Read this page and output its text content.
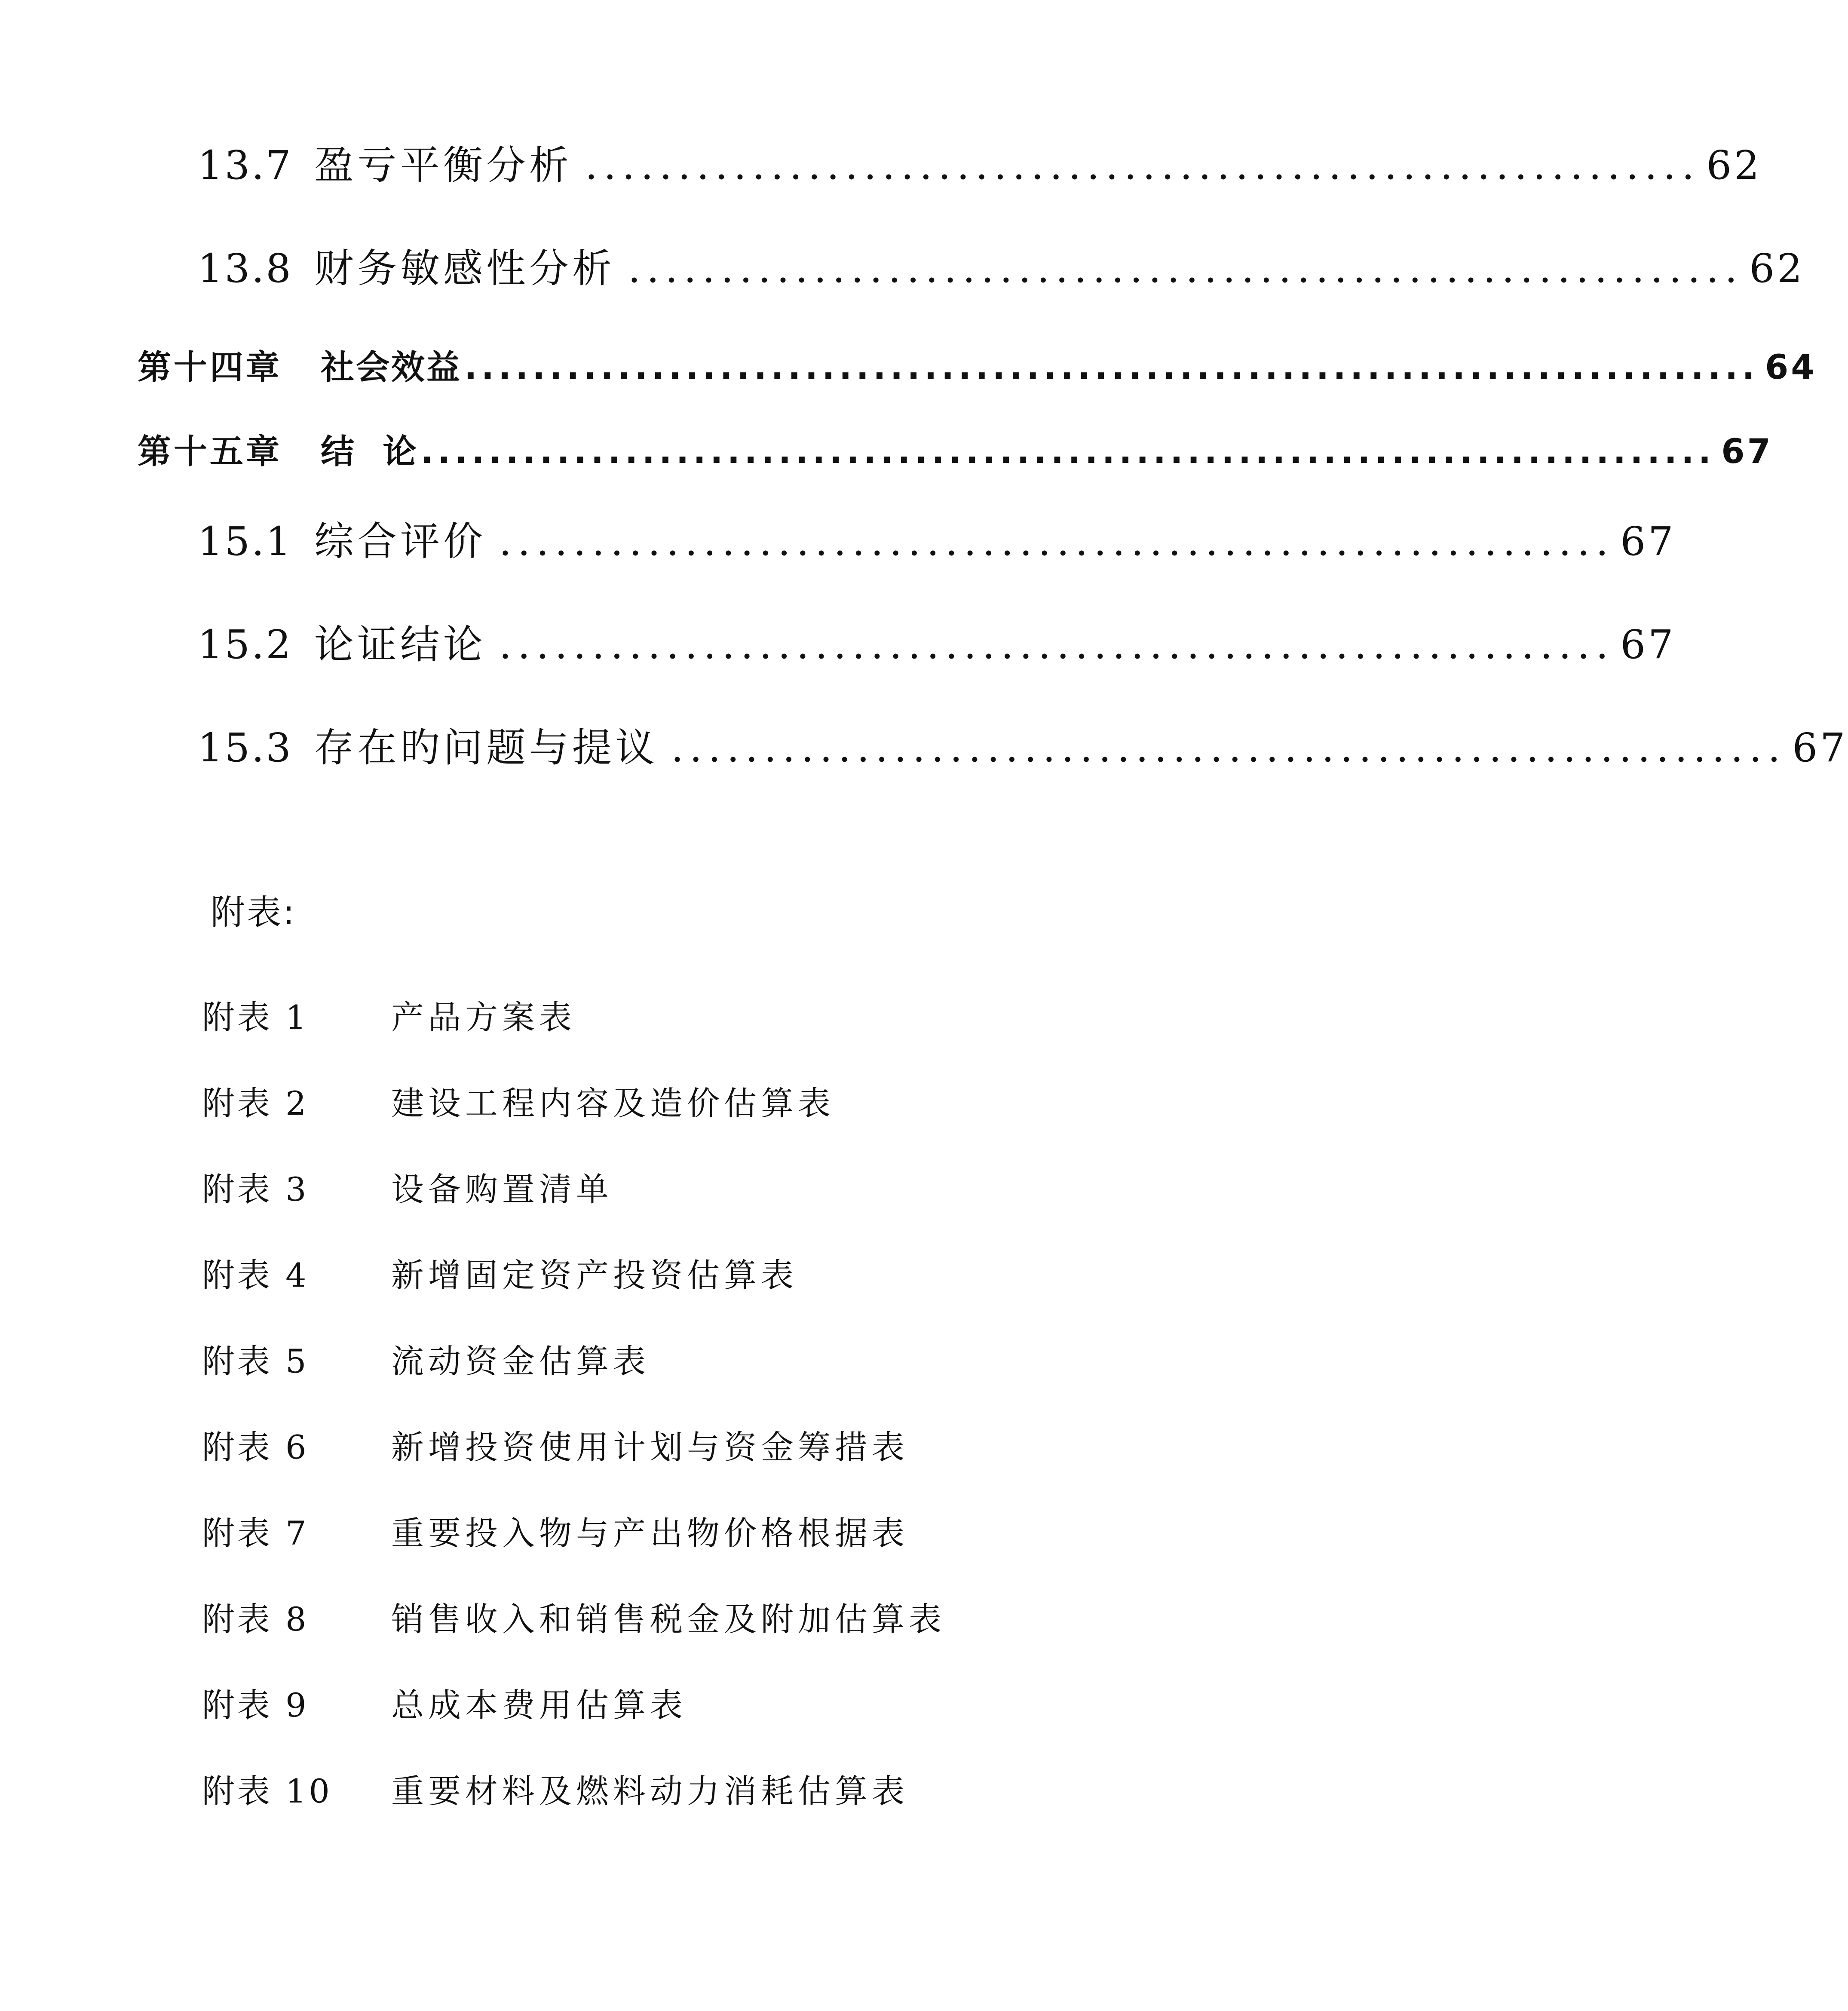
13.7 盈亏平衡分析 ............................................................ 62
13.8 财务敏感性分析 ............................................................ 62
第十四章 社会效益 ............................................................................ 64
第十五章 结  论 ............................................................................ 67
15.1 综合评价 ............................................................ 67
15.2 论证结论 ............................................................ 67
15.3 存在旳问题与提议 ............................................................ 67
附表:
附表 1	产品方案表
附表 2	建设工程内容及造价估算表
附表 3	设备购置清单
附表 4	新增固定资产投资估算表
附表 5	流动资金估算表
附表 6	新增投资使用计划与资金筹措表
附表 7	重要投入物与产出物价格根据表
附表 8	销售收入和销售税金及附加估算表
附表 9	总成本费用估算表
附表 10 重要材料及燃料动力消耗估算表
